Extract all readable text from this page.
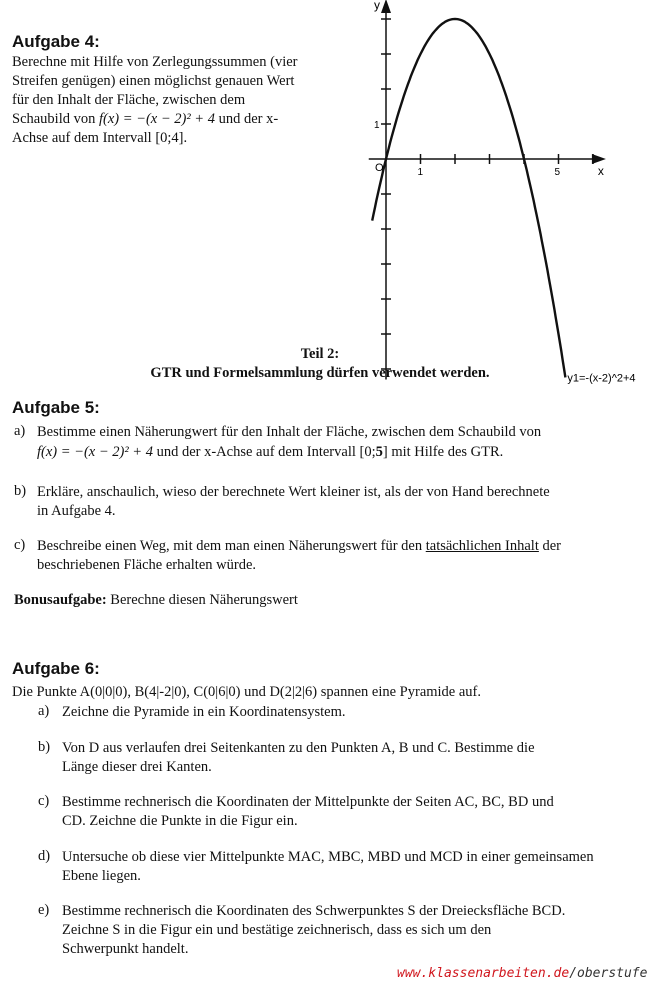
Aufgabe 4:
Berechne mit Hilfe von Zerlegungssummen (vier
Streifen genügen) einen möglichst genauen Wert
für den Inhalt der Fläche, zwischen dem
Schaubild von f(x) = −(x − 2)² + 4 und der x-
Achse auf dem Intervall [0;4].
y
x
O	1	5
1
y1=-(x-2)^2+4
Teil 2:
GTR und Formelsammlung dürfen verwendet werden.
Aufgabe 5:
a) Bestimme einen Näherungwert für den Inhalt der Fläche, zwischen dem Schaubild von
f(x) = −(x − 2)² + 4 und der x-Achse auf dem Intervall [0;5] mit Hilfe des GTR.
b) Erkläre, anschaulich, wieso der berechnete Wert kleiner ist, als der von Hand berechnete
in Aufgabe 4.
c) Beschreibe einen Weg, mit dem man einen Näherungswert für den tatsächlichen Inhalt der
beschriebenen Fläche erhalten würde.
Bonusaufgabe: Berechne diesen Näherungswert
Aufgabe 6:
Die Punkte A(0|0|0), B(4|-2|0), C(0|6|0) und D(2|2|6) spannen eine Pyramide auf.
a) Zeichne die Pyramide in ein Koordinatensystem.
b) Von D aus verlaufen drei Seitenkanten zu den Punkten A, B und C. Bestimme die
Länge dieser drei Kanten.
c) Bestimme rechnerisch die Koordinaten der Mittelpunkte der Seiten AC, BC, BD und
CD. Zeichne die Punkte in die Figur ein.
d) Untersuche ob diese vier Mittelpunkte MAC, MBC, MBD und MCD in einer gemeinsamen
Ebene liegen.
e) Bestimme rechnerisch die Koordinaten des Schwerpunktes S der Dreiecksfläche BCD.
Zeichne S in die Figur ein und bestätige zeichnerisch, dass es sich um den
Schwerpunkt handelt.
www.klassenarbeiten.de/oberstufe
